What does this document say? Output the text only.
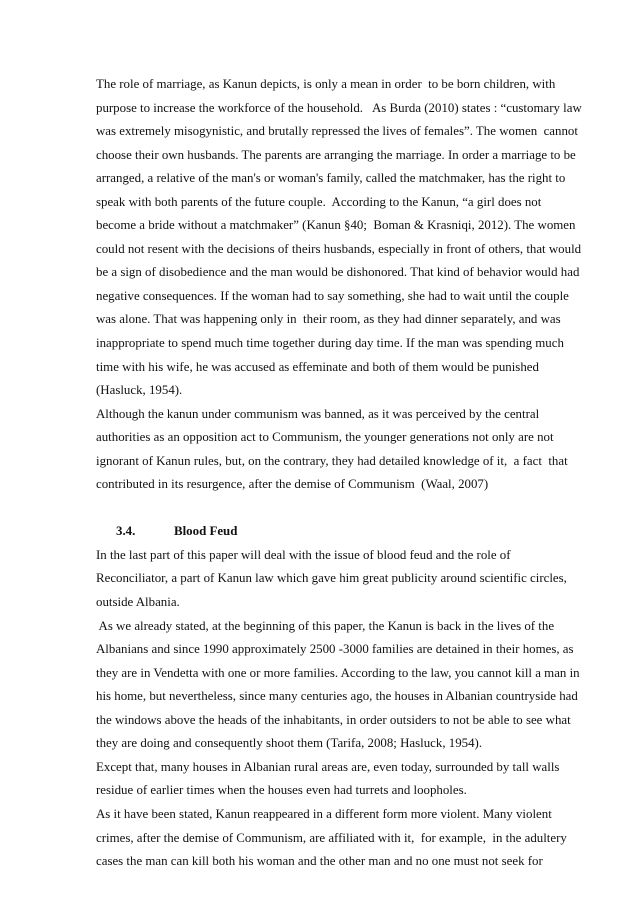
The role of marriage, as Kanun depicts, is only a mean in order  to be born children, with
purpose to increase the workforce of the household.   As Burda (2010) states : “customary law
was extremely misogynistic, and brutally repressed the lives of females”. The women  cannot
choose their own husbands. The parents are arranging the marriage. In order a marriage to be
arranged, a relative of the man's or woman's family, called the matchmaker, has the right to
speak with both parents of the future couple.  According to the Kanun, “a girl does not
become a bride without a matchmaker” (Kanun §40;  Boman & Krasniqi, 2012). The women
could not resent with the decisions of theirs husbands, especially in front of others, that would
be a sign of disobedience and the man would be dishonored. That kind of behavior would had
negative consequences. If the woman had to say something, she had to wait until the couple
was alone. That was happening only in  their room, as they had dinner separately, and was
inappropriate to spend much time together during day time. If the man was spending much
time with his wife, he was accused as effeminate and both of them would be punished
(Hasluck, 1954).
Although the kanun under communism was banned, as it was perceived by the central
authorities as an opposition act to Communism, the younger generations not only are not
ignorant of Kanun rules, but, on the contrary, they had detailed knowledge of it,  a fact  that
contributed in its resurgence, after the demise of Communism  (Waal, 2007)
3.4.	Blood Feud
In the last part of this paper will deal with the issue of blood feud and the role of
Reconciliator, a part of Kanun law which gave him great publicity around scientific circles,
outside Albania.
As we already stated, at the beginning of this paper, the Kanun is back in the lives of the
Albanians and since 1990 approximately 2500 -3000 families are detained in their homes, as
they are in Vendetta with one or more families. According to the law, you cannot kill a man in
his home, but nevertheless, since many centuries ago, the houses in Albanian countryside had
the windows above the heads of the inhabitants, in order outsiders to not be able to see what
they are doing and consequently shoot them (Tarifa, 2008; Hasluck, 1954).
Except that, many houses in Albanian rural areas are, even today, surrounded by tall walls
residue of earlier times when the houses even had turrets and loopholes.
As it have been stated, Kanun reappeared in a different form more violent. Many violent
crimes, after the demise of Communism, are affiliated with it,  for example,  in the adultery
cases the man can kill both his woman and the other man and no one must not seek for
